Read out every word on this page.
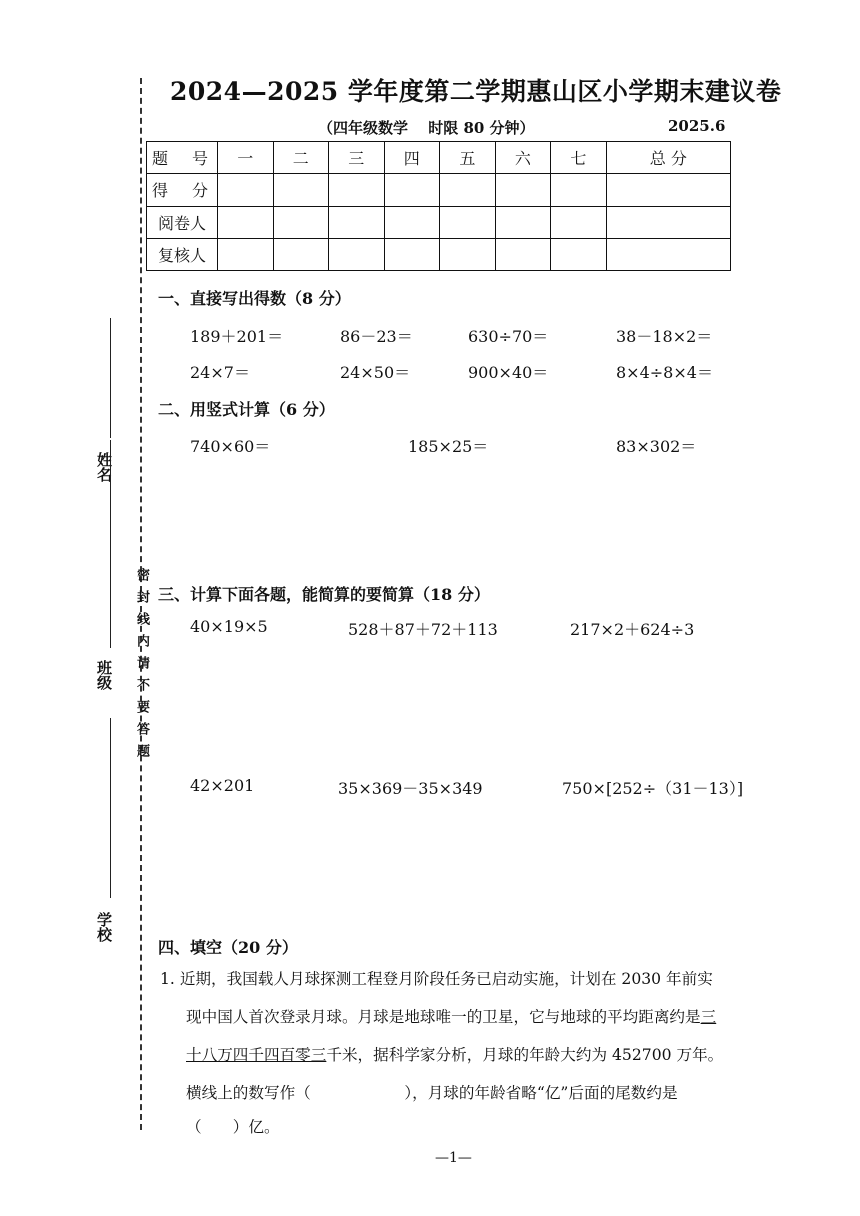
密封线内请不要答题
姓名
班级
学校
2024—2025 学年度第二学期惠山区小学期末建议卷
（四年级数学　 时限 80 分钟）	2025.6
题　号	一	二	三	四	五	六	七	总 分
得　分								
阅卷人								
复核人								
一、直接写出得数（8 分）
189＋201＝	86－23＝	630÷70＝	38－18×2＝
24×7＝	24×50＝	900×40＝	8×4÷8×4＝
二、用竖式计算（6 分）
740×60＝	185×25＝	83×302＝
三、计算下面各题，能简算的要简算（18 分）
40×19×5	528＋87＋72＋113	217×2＋624÷3
42×201	35×369－35×349	750×[252÷（31－13）]
四、填空（20 分）
1. 近期，我国载人月球探测工程登月阶段任务已启动实施，计划在 2030 年前实
现中国人首次登录月球。月球是地球唯一的卫星，它与地球的平均距离约是三
十八万四千四百零三千米，据科学家分析，月球的年龄大约为 452700 万年。
横线上的数写作（　　　　　　），月球的年龄省略“亿”后面的尾数约是
（　　）亿。
—1—
